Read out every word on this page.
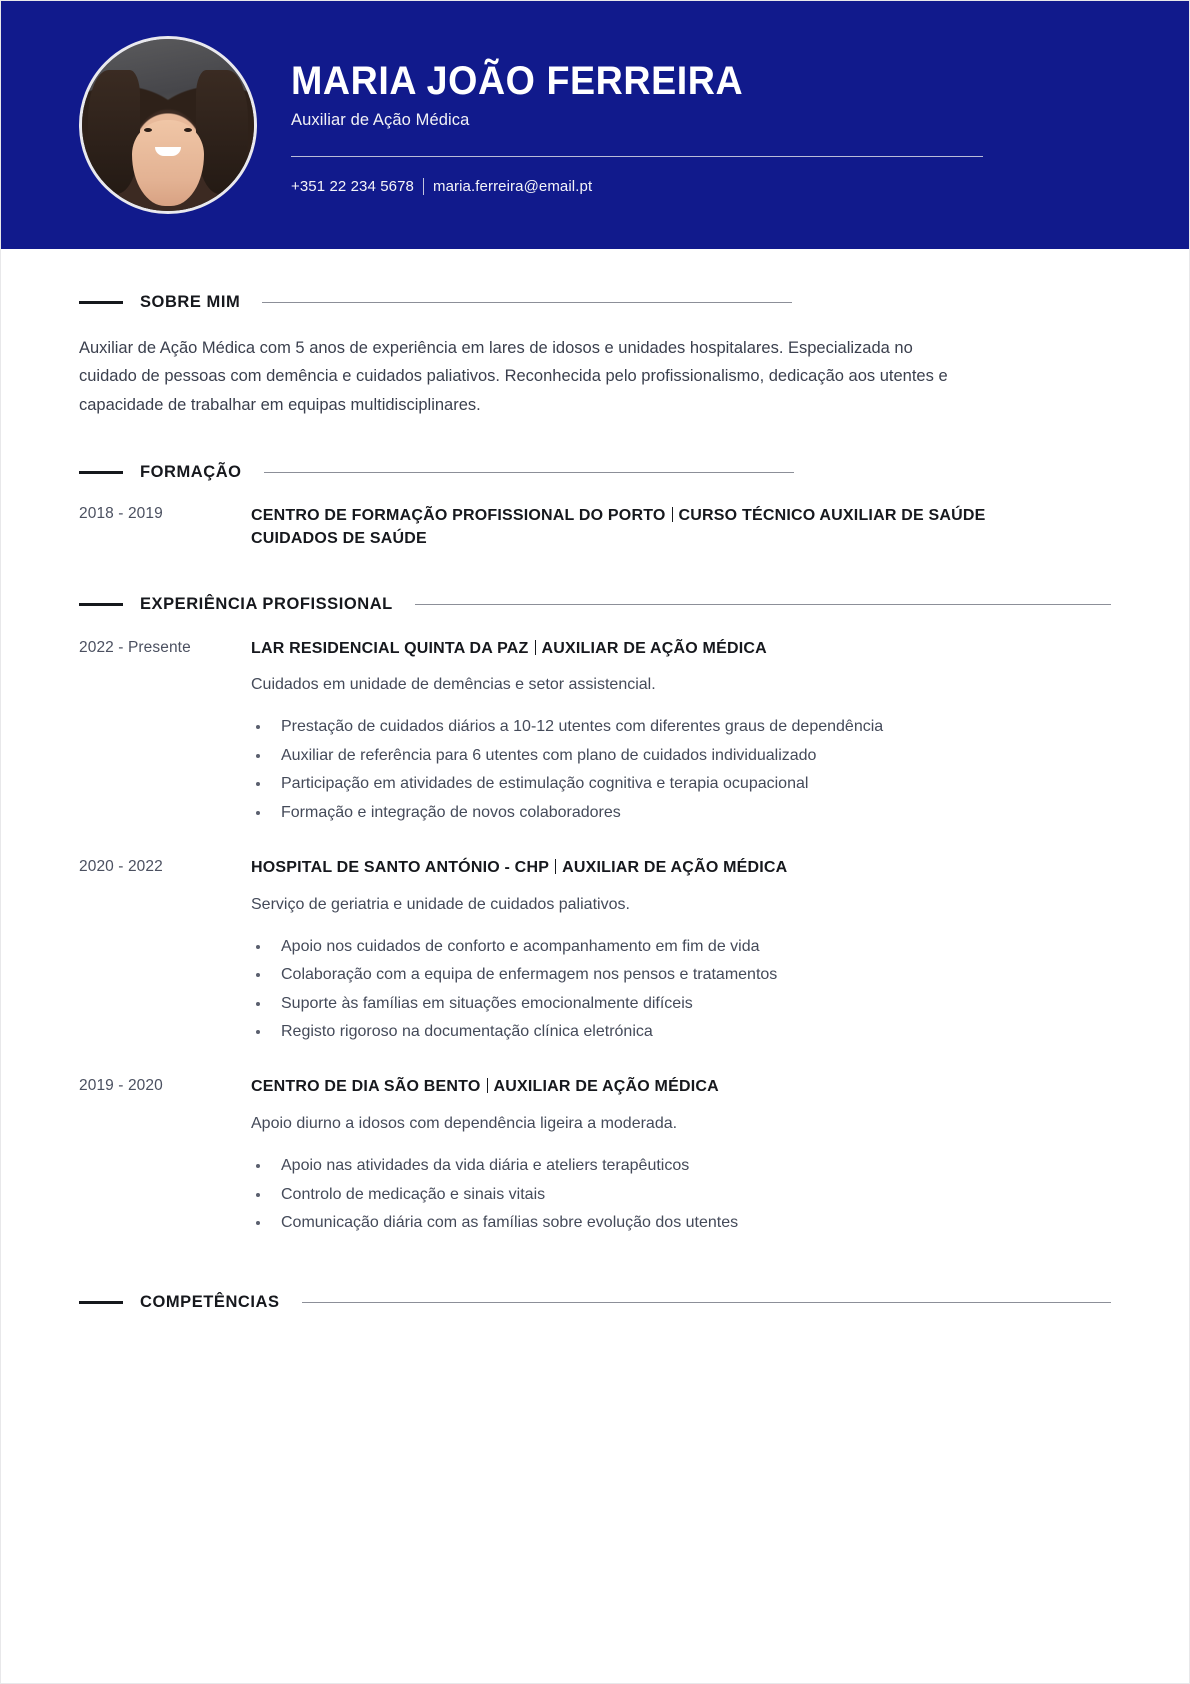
MARIA JOÃO FERREIRA

Auxiliar de Ação Médica

+351 22 234 5678 maria.ferreira@email.pt
SOBRE MIM

Auxiliar de Ação Médica com 5 anos de experiência em lares de idosos e unidades hospitalares. Especializada no cuidado de pessoas com demência e cuidados paliativos. Reconhecida pelo profissionalismo, dedicação aos utentes e capacidade de trabalhar em equipas multidisciplinares.

FORMAÇÃO
2018 - 2019	CENTRO DE FORMAÇÃO PROFISSIONAL DO PORTO CURSO TÉCNICO AUXILIAR DE SAÚDE CUIDADOS DE SAÚDE

EXPERIÊNCIA PROFISSIONAL
2022 - Presente	LAR RESIDENCIAL QUINTA DA PAZ AUXILIAR DE AÇÃO MÉDICA

Cuidados em unidade de demências e setor assistencial.

Prestação de cuidados diários a 10-12 utentes com diferentes graus de dependência
Auxiliar de referência para 6 utentes com plano de cuidados individualizado
Participação em atividades de estimulação cognitiva e terapia ocupacional
Formação e integração de novos colaboradores
2020 - 2022	HOSPITAL DE SANTO ANTÓNIO - CHP AUXILIAR DE AÇÃO MÉDICA

Serviço de geriatria e unidade de cuidados paliativos.

Apoio nos cuidados de conforto e acompanhamento em fim de vida
Colaboração com a equipa de enfermagem nos pensos e tratamentos
Suporte às famílias em situações emocionalmente difíceis
Registo rigoroso na documentação clínica eletrónica
2019 - 2020	CENTRO DE DIA SÃO BENTO AUXILIAR DE AÇÃO MÉDICA

Apoio diurno a idosos com dependência ligeira a moderada.

Apoio nas atividades da vida diária e ateliers terapêuticos
Controlo de medicação e sinais vitais
Comunicação diária com as famílias sobre evolução dos utentes
COMPETÊNCIAS
